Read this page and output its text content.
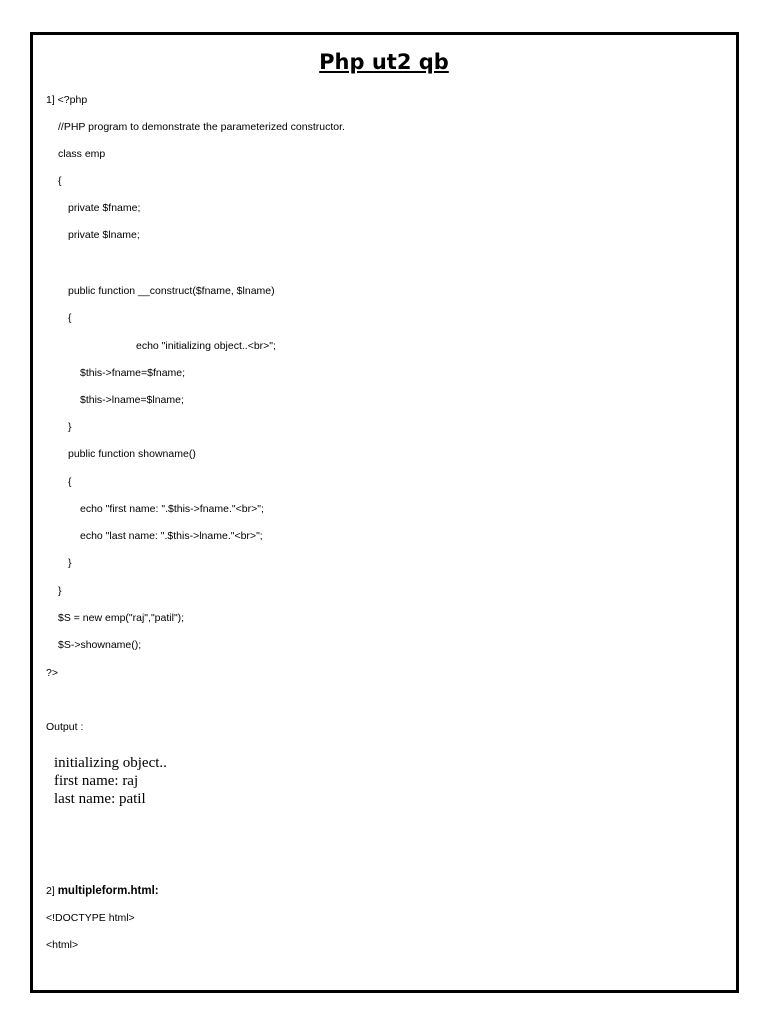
Php ut2 qb
1] <?php
//PHP program to demonstrate the parameterized constructor.
class emp
{
private $fname;
private $lname;
public function __construct($fname, $lname)
{
echo "initializing object..<br>";
$this->fname=$fname;
$this->lname=$lname;
}
public function showname()
{
echo "first name: ".$this->fname."<br>";
echo "last name: ".$this->lname."<br>";
}
}
$S = new emp("raj","patil");
$S->showname();
?>
Output :
initializing object..
first name: raj
last name: patil
2] multipleform.html:
<!DOCTYPE html>
<html>
